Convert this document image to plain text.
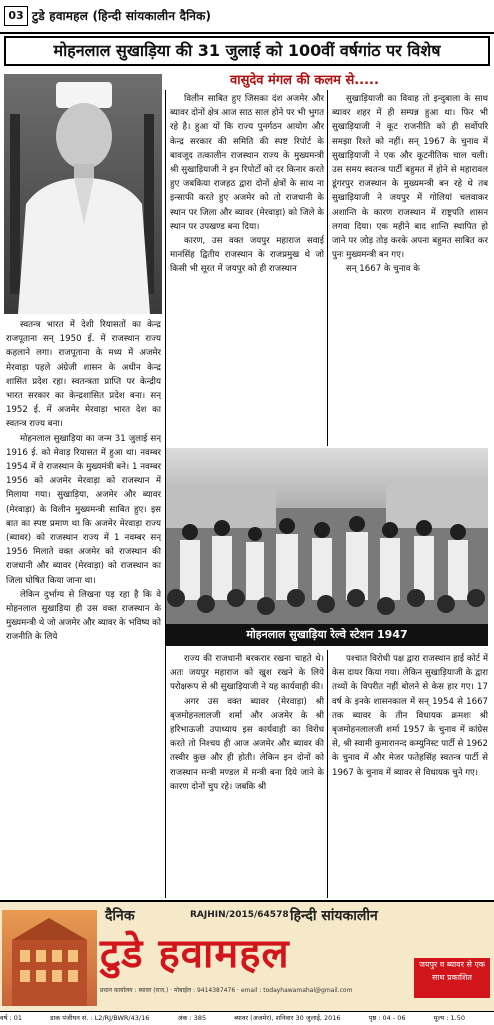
03 टुडे हवामहल (हिन्दी सांयकालीन दैनिक)
मोहनलाल सुखाड़िया की 31 जुलाई को 100वीं वर्षगांठ पर विशेष
वासुदेव मंगल की कलम से.....

स्वतन्त्र भारत में देशी रियासतों का केन्द्र राजपूताना सन् 1950 ई. में राजस्थान राज्य कहलाने लगा। राजपूताना के मध्य में अजमेर मेरवाड़ा पहले अंग्रेजी शासन के अधीन केन्द्र शासित प्रदेश रहा। स्वतन्त्रता प्राप्ति पर केन्द्रीय भारत सरकार का केन्द्रशासित प्रदेश बना। सन् 1952 ई. में अजमेर मेरवाड़ा भारत देश का स्वतन्त्र राज्य बना।

मोहनलाल सुखाड़िया का जन्म 31 जुलाई सन् 1916 ई. को मेवाड़ रियासत में हुआ था। नवम्बर 1954 में वे राजस्थान के मुख्यमंत्री बने। 1 नवम्बर 1956 को अजमेर मेरवाड़ा को राजस्थान में मिलाया गया। सुखाड़िया, अजमेर और ब्यावर (मेरवाड़ा) के विलीन मुख्यमन्त्री साबित हुए। इस बात का स्पष्ट प्रमाण था कि अजमेर मेरवाड़ा राज्य (ब्यावर) को राजस्थान राज्य में 1 नवम्बर सन् 1956 मिलाते वक्त अजमेर को राजस्थान की राजधानी और ब्यावर (मेरवाड़ा) को राजस्थान का जिला घोषित किया जाना था।

लेकिन दुर्भाग्य से लिखना पड़ रहा है कि वे मोहनलाल सुखाड़िया ही उस वक्त राजस्थान के मुख्यमन्त्री थे जो अजमेर और ब्यावर के भविष्य को राजनीति के लिये

विलीन साबित हुए जिसका दंश अजमेर और ब्यावर दोनों क्षेत्र आज साठ साल होने पर भी भुगत रहे है। हुआ यों कि राज्य पुनर्गठन आयोग और केन्द्र सरकार की समिति की स्पष्ट रिपोर्ट के बावजूद तत्कालीन राजस्थान राज्य के मुख्यमन्त्री श्री सुखाड़ियाजी ने इन रिपोर्टों को दर किनार करते हुए जबकिया राजहठ द्वारा दोनों क्षेत्रों के साथ ना इन्साफी करते हुए अजमेर को तो राजधानी के स्थान पर जिला और ब्यावर (मेरवाड़ा) को जिले के स्थान पर उपखण्ड बना दिया।

कारण, उस वक्त जयपुर महाराज सवाई मानसिंह द्वितीय राजस्थान के राजप्रमुख थे जो किसी भी सूरत में जयपुर को ही राजस्थान

सुखाड़ियाजी का विवाह तो इन्दुबाला के साथ ब्यावर शहर में ही सम्पन्न हुआ था। फिर भी सुखाड़ियाजी ने कूट राजनीति को ही सर्वोपरि समझा रिश्ते को नहीं। सन् 1967 के चुनाव में सुखाड़ियाजी ने एक और कूटनीतिक चाल चली। उस समय स्वतन्त्र पार्टी बहुमत में होने से महारावल डूंगरपुर राजस्थान के मुख्यमन्त्री बन रहे थे तब सुखाड़ियाजी ने जयपुर में गोलियां चलवाकर अशान्ति के कारण राजस्थान में राष्ट्रपति शासन लगवा दिया। एक महीने बाद शान्ति स्थापित हो जाने पर जोड़ तोड़ करके अपना बहुमत साबित कर पुनः मुख्यमन्त्री बन गए।

सन् 1667 के चुनाव के

मोहनलाल सुखाड़िया रेल्वे स्टेशन 1947

राज्य की राजधानी बरकरार रखना चाहते थे। अतः जयपुर महाराज को खुश रखने के लिये परोक्षरूप से श्री सुखाड़ियाजी ने यह कार्यवाही की।

अगर उस वक्त ब्यावर (मेरवाड़ा) श्री बृजमोहनलालजी शर्मा और अजमेर के श्री हरिभाऊजी उपाध्याय इस कार्यवाही का विरोध करते तो निश्चय ही आज अजमेर और ब्यावर की तस्वीर कुछ और ही होती। लेकिन इन दोनों को राजस्थान मन्त्री मण्डल में मन्त्री बना दिये जाने के कारण दोनों चुप रहे। जबकि श्री

पश्चात विरोधी पक्ष द्वारा राजस्थान हाई कोर्ट में केस दायर किया गया। लेकिन सुखाड़ियाजी के द्वारा तथ्यों के विपरीत नहीं बोलने से केस हार गए। 17 वर्ष के इनके शासनकाल में सन् 1954 से 1667 तक ब्यावर के तीन विधायक क्रमशः श्री बृजमोहनलालजी शर्मा 1957 के चुनाव में कांग्रेस से, श्री स्वामी कुमारानन्द कम्युनिस्ट पार्टी से 1962 के चुनाव में और मेजर फतेहसिंह स्वतन्त्र पार्टी से 1967 के चुनाव में ब्यावर से विधायक चुने गए।

दैनिक	RAJHIN/2015/64578 हिन्दी सांयकालीन
टुडे हवामहल	जयपुर व ब्यावर से एक साथ प्रकाशित
प्रधान कार्यालय : ब्यावर (राज.) · मोबाईल : 9414387476 · email : todayhawamahal@gmail.com
वर्ष : 01	डाक पंजीयन सं. : L2/RJ/BWR/43/16	अंक : 385	ब्यावर (अजमेर), शनिवार 30 जुलाई, 2016	पृष्ठ : 04 - 06	मूल्य : 1.50
